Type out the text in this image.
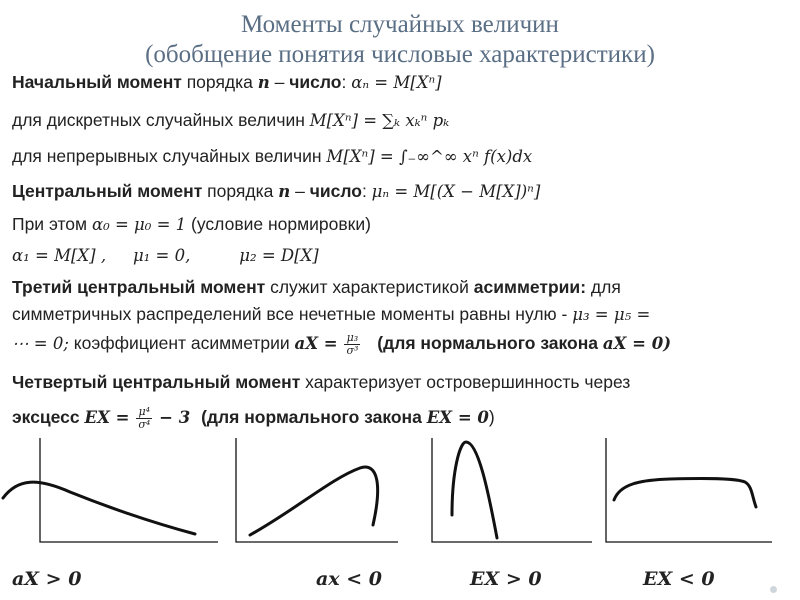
Моменты случайных величин
(обобщение понятия числовые характеристики)
Начальный момент порядка n – число: αₙ = M[Xⁿ]
для дискретных случайных величин M[Xⁿ] = ∑ₖ xₖⁿ pₖ
для непрерывных случайных величин M[Xⁿ] = ∫₋∞^∞ xⁿ f(x)dx
Центральный момент порядка n – число: μₙ = M[(X − M[X])ⁿ]
При этом α₀ = μ₀ = 1 (условие нормировки)
α₁ = M[X] , μ₁ = 0,	μ₂ = D[X]
Третий центральный момент служит характеристикой асимметрии: для
симметричных распределений все нечетные моменты равны нулю - μ₃ = μ₅ =
⋯ = 0; коэффициент асимметрии aX = $\frac{\text{μ₃}}{\text{σ³}} (для$ нормального закона aX = 0)
Четвертый центральный момент характеризует островершинность через
эксцесс EX = $\frac{\text{μ⁴}}{\text{σ⁴}} - 3$ (для нормального закона EX = 0)
aX > 0	aх < 0	EX > 0	EX < 0
